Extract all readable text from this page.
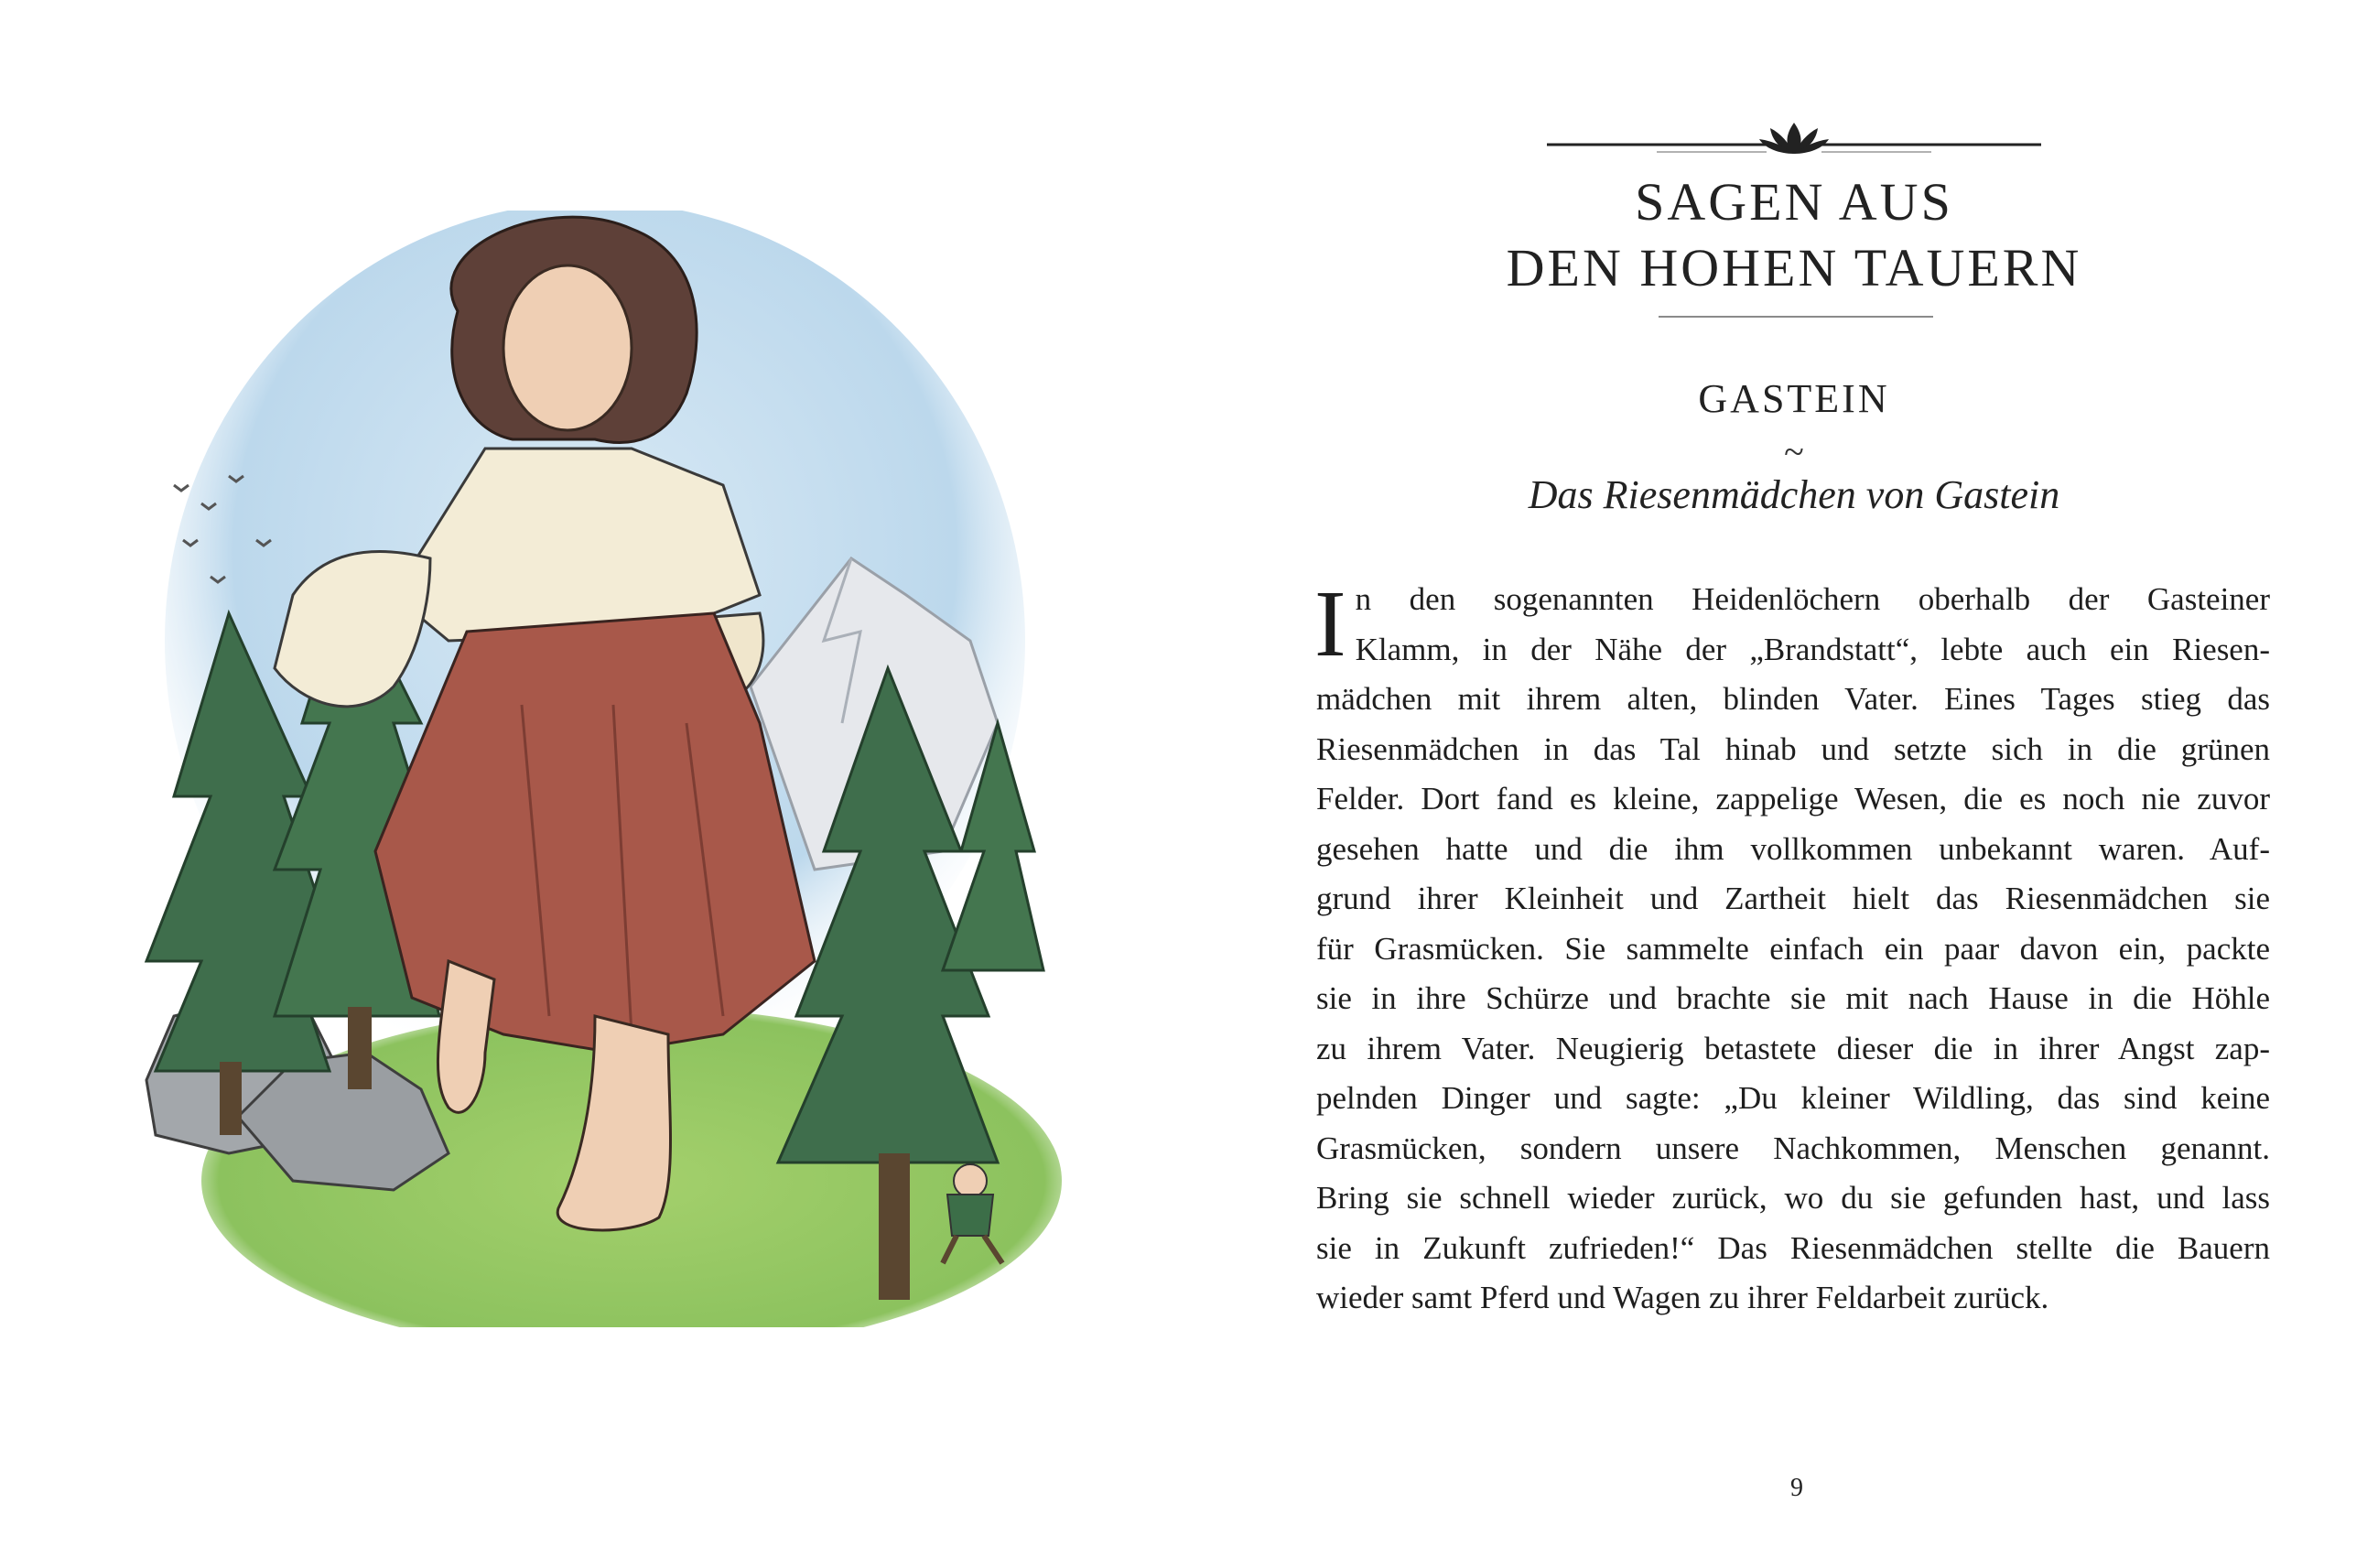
SAGEN AUS
DEN HOHEN TAUERN
GASTEIN
~
Das Riesenmädchen von Gastein
I n den sogenannten Heidenlöchern oberhalb der Gasteiner
Klamm, in der Nähe der „Brandstatt“, lebte auch ein Riesen-
mädchen mit ihrem alten, blinden Vater. Eines Tages stieg das
Riesenmädchen in das Tal hinab und setzte sich in die grünen
Felder. Dort fand es kleine, zappelige Wesen, die es noch nie zuvor
gesehen hatte und die ihm vollkommen unbekannt waren. Auf-
grund ihrer Kleinheit und Zartheit hielt das Riesenmädchen sie
für Grasmücken. Sie sammelte einfach ein paar davon ein, packte
sie in ihre Schürze und brachte sie mit nach Hause in die Höhle
zu ihrem Vater. Neugierig betastete dieser die in ihrer Angst zap-
pelnden Dinger und sagte: „Du kleiner Wildling, das sind keine
Grasmücken, sondern unsere Nachkommen, Menschen genannt.
Bring sie schnell wieder zurück, wo du sie gefunden hast, und lass
sie in Zukunft zufrieden!“ Das Riesenmädchen stellte die Bauern
wieder samt Pferd und Wagen zu ihrer Feldarbeit zurück.
9
